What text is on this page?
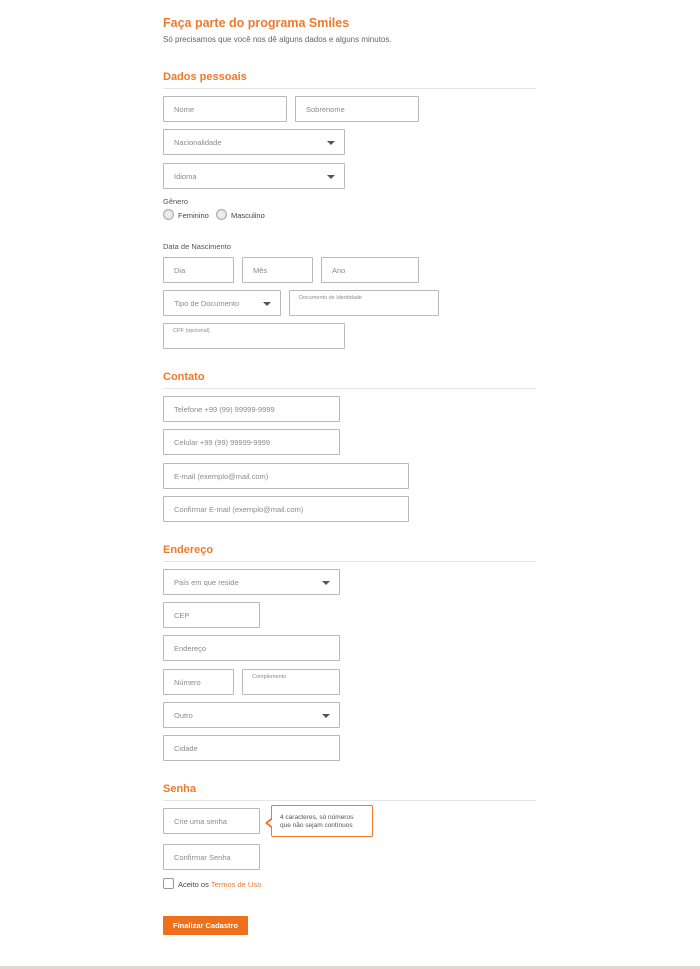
Faça parte do programa Smiles
Só precisamos que você nos dê alguns dados e alguns minutos.
Dados pessoais
Nome	Sobrenome
Nacionalidade
Idioma
Gênero
Feminino	Masculino
Data de Nascimento
Dia	Mês	Ano
Tipo de Documento
Documento de Identidade
CPF (opcional)
Contato
Telefone +99 (99) 99999-9999
Celular +99 (99) 99999-9999
E-mail (exemplo@mail.com)
Confirmar E-mail (exemplo@mail.com)
Endereço
País em que reside
CEP
Endereço
Número
Complemento
Outro
Cidade
Senha
Crie uma senha	4 caracteres, só números
que não sejam contínuos
Confirmar Senha
Aceito os Termos de Uso
Finalizar Cadastro
